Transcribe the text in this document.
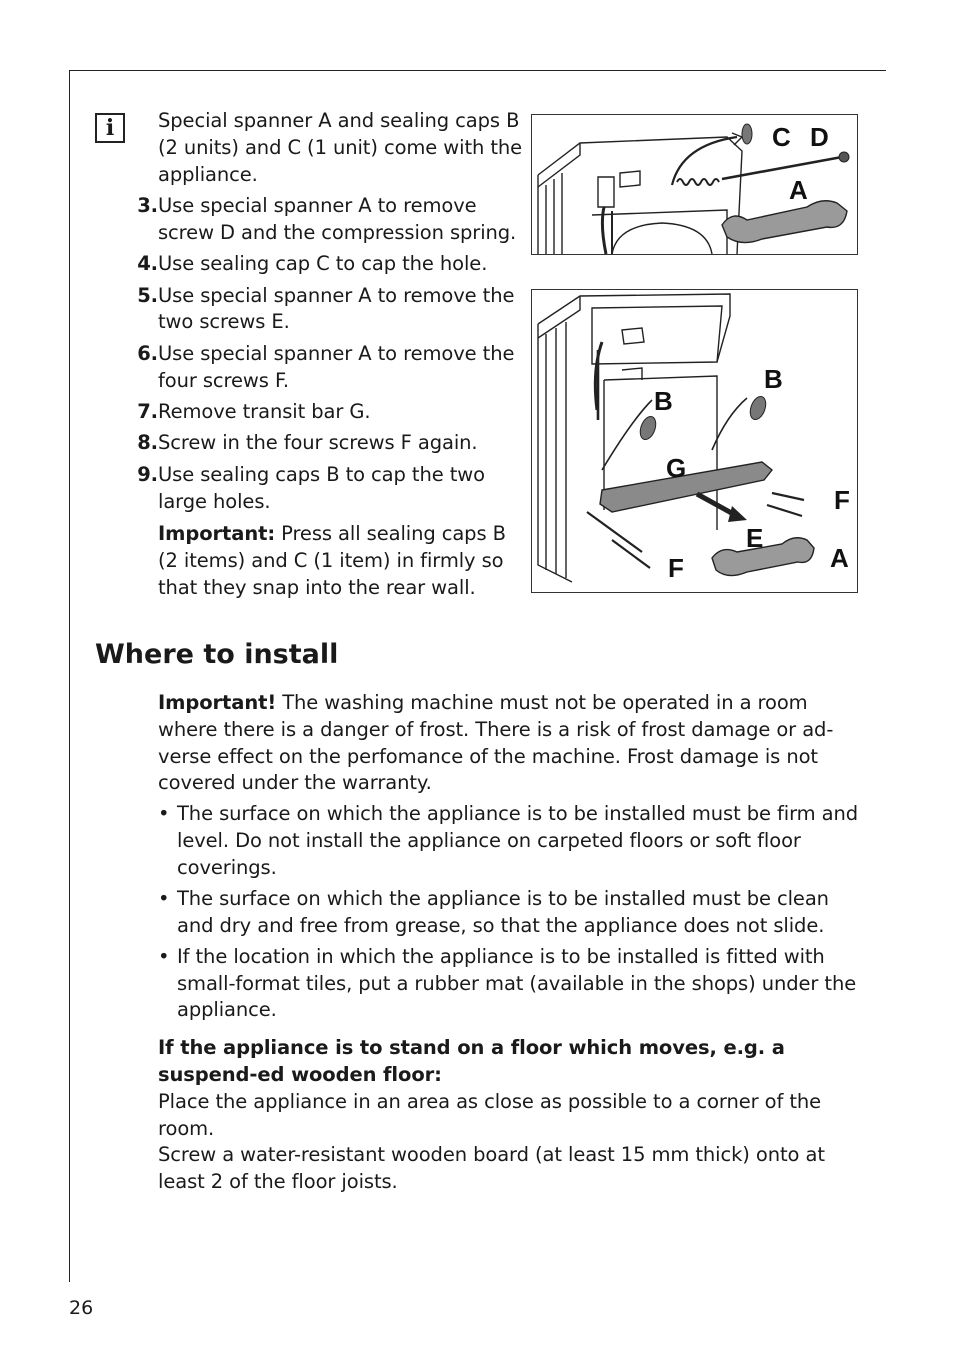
i	Special spanner A and sealing caps B (2 units) and C (1 unit) come with the appliance.

3. Use special spanner A to remove screw D and the compression spring.
4. Use sealing cap C to cap the hole.
5. Use special spanner A to remove the two screws E.
6. Use special spanner A to remove the four screws F.
7. Remove transit bar G.
8. Screw in the four screws F again.
9. Use sealing caps B to cap the two large holes.

Important: Press all sealing caps B (2 items) and C (1 item) in firmly so that they snap into the rear wall.

C D
A
B
B
G
F
E
A
F
Where to install

Important! The washing machine must not be operated in a room where there is a danger of frost. There is a risk of frost damage or ad-verse effect on the perfomance of the machine. Frost damage is not covered under the warranty.

• The surface on which the appliance is to be installed must be firm and level. Do not install the appliance on carpeted floors or soft floor coverings.
• The surface on which the appliance is to be installed must be clean and dry and free from grease, so that the appliance does not slide.
• If the location in which the appliance is to be installed is fitted with small-format tiles, put a rubber mat (available in the shops) under the appliance.

If the appliance is to stand on a floor which moves, e.g. a suspend-ed wooden floor:

Place the appliance in an area as close as possible to a corner of the room.

Screw a water-resistant wooden board (at least 15 mm thick) onto at least 2 of the floor joists.

26
